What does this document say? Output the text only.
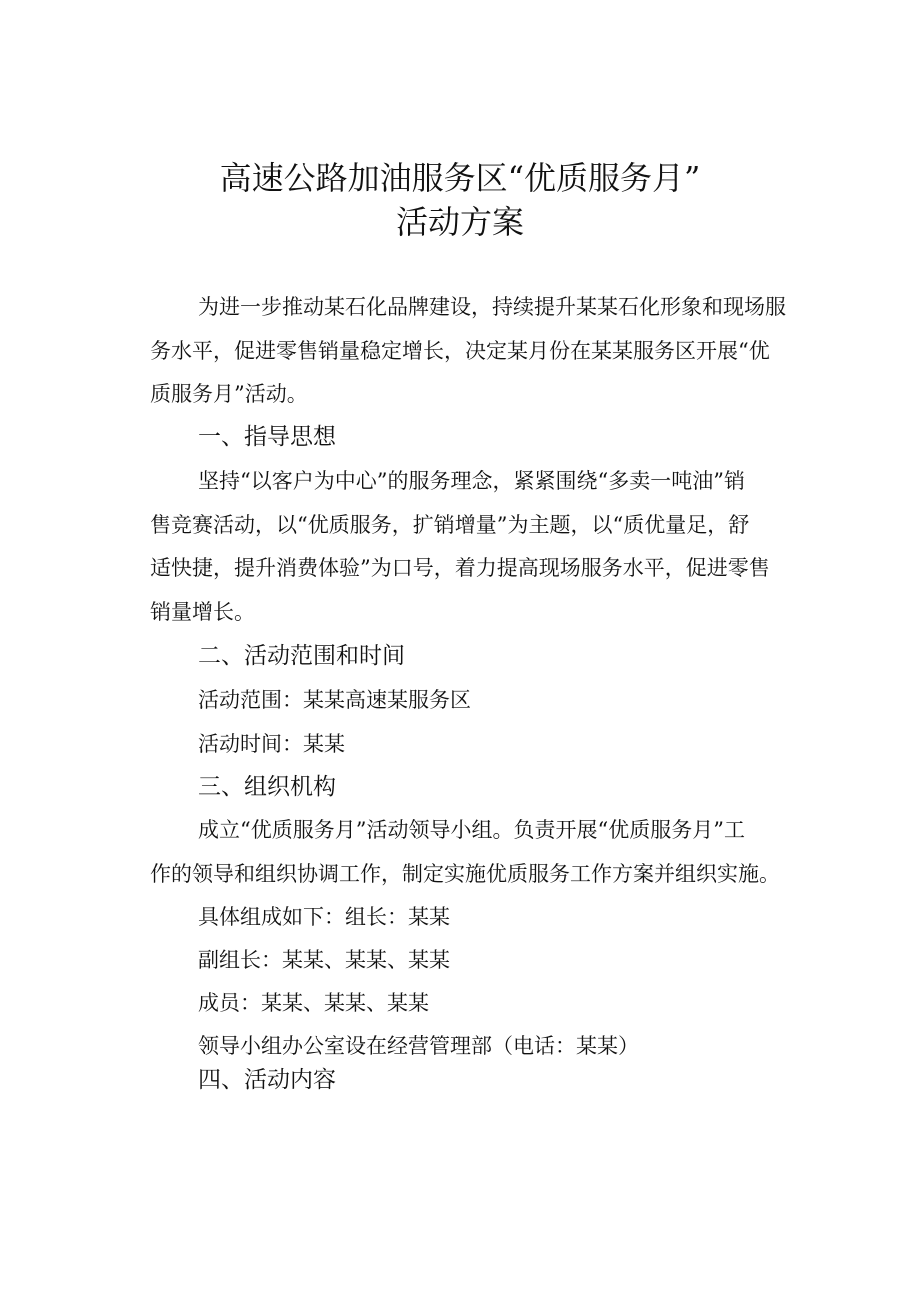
高速公路加油服务区“优质服务月”
活动方案
为进一步推动某石化品牌建设，持续提升某某石化形象和现场服
务水平，促进零售销量稳定增长，决定某月份在某某服务区开展“优
质服务月”活动。
一、指导思想
坚持“以客户为中心”的服务理念，紧紧围绕“多卖一吨油”销
售竞赛活动，以“优质服务，扩销增量”为主题，以“质优量足，舒
适快捷，提升消费体验”为口号，着力提高现场服务水平，促进零售
销量增长。
二、活动范围和时间
活动范围：某某高速某服务区
活动时间：某某
三、组织机构
成立“优质服务月”活动领导小组。负责开展“优质服务月”工
作的领导和组织协调工作，制定实施优质服务工作方案并组织实施。
具体组成如下：组长：某某
副组长：某某、某某、某某
成员：某某、某某、某某
领导小组办公室设在经营管理部（电话：某某）
四、活动内容
